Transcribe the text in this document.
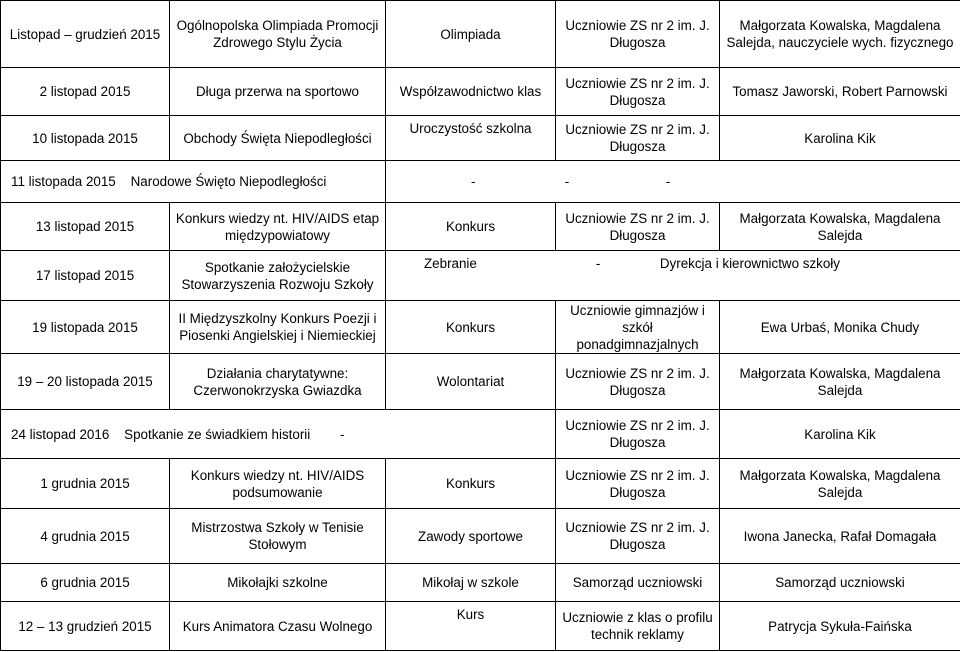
Listopad – grudzień 2015	Ogólnopolska Olimpiada Promocji Zdrowego Stylu Życia	Olimpiada	Uczniowie ZS nr 2 im. J. Długosza	Małgorzata Kowalska, Magdalena Salejda, nauczyciele wych. fizycznego
2 listopad 2015	Długa przerwa na sportowo	Współzawodnictwo klas	Uczniowie ZS nr 2 im. J. Długosza	Tomasz Jaworski, Robert Parnowski
10 listopada 2015	Obchody Święta Niepodległości	Uroczystość szkolna	Uczniowie ZS nr 2 im. J. Długosza	Karolina Kik
11 listopada 2015    Narodowe Święto Niepodległości		-                        -                          -		
13 listopad 2015	Konkurs wiedzy nt. HIV/AIDS etap międzypowiatowy	Konkurs	Uczniowie ZS nr 2 im. J. Długosza	Małgorzata Kowalska, Magdalena Salejda
17 listopad 2015	Spotkanie założycielskie Stowarzyszenia Rozwoju Szkoły	Zebranie                                -                Dyrekcja i kierownictwo szkoły		
19 listopada 2015	II Międzyszkolny Konkurs Poezji i Piosenki Angielskiej i Niemieckiej	Konkurs	Uczniowie gimnazjów i szkół ponadgimnazjalnych	Ewa Urbaś, Monika Chudy
19 – 20 listopada 2015	Działania charytatywne: Czerwonokrzyska Gwiazdka	Wolontariat	Uczniowie ZS nr 2 im. J. Długosza	Małgorzata Kowalska, Magdalena Salejda
24 listopad 2016    Spotkanie ze świadkiem historii        -			Uczniowie ZS nr 2 im. J. Długosza	Karolina Kik
1 grudnia 2015	Konkurs wiedzy nt. HIV/AIDS podsumowanie	Konkurs	Uczniowie ZS nr 2 im. J. Długosza	Małgorzata Kowalska, Magdalena Salejda
4 grudnia 2015	Mistrzostwa Szkoły w Tenisie Stołowym	Zawody sportowe	Uczniowie ZS nr 2 im. J. Długosza	Iwona Janecka, Rafał Domagała
6 grudnia 2015	Mikołajki szkolne	Mikołaj w szkole	Samorząd uczniowski	Samorząd uczniowski
12 – 13 grudzień 2015	Kurs Animatora Czasu Wolnego	Kurs	Uczniowie z klas o profilu technik reklamy	Patrycja Sykuła-Faińska
